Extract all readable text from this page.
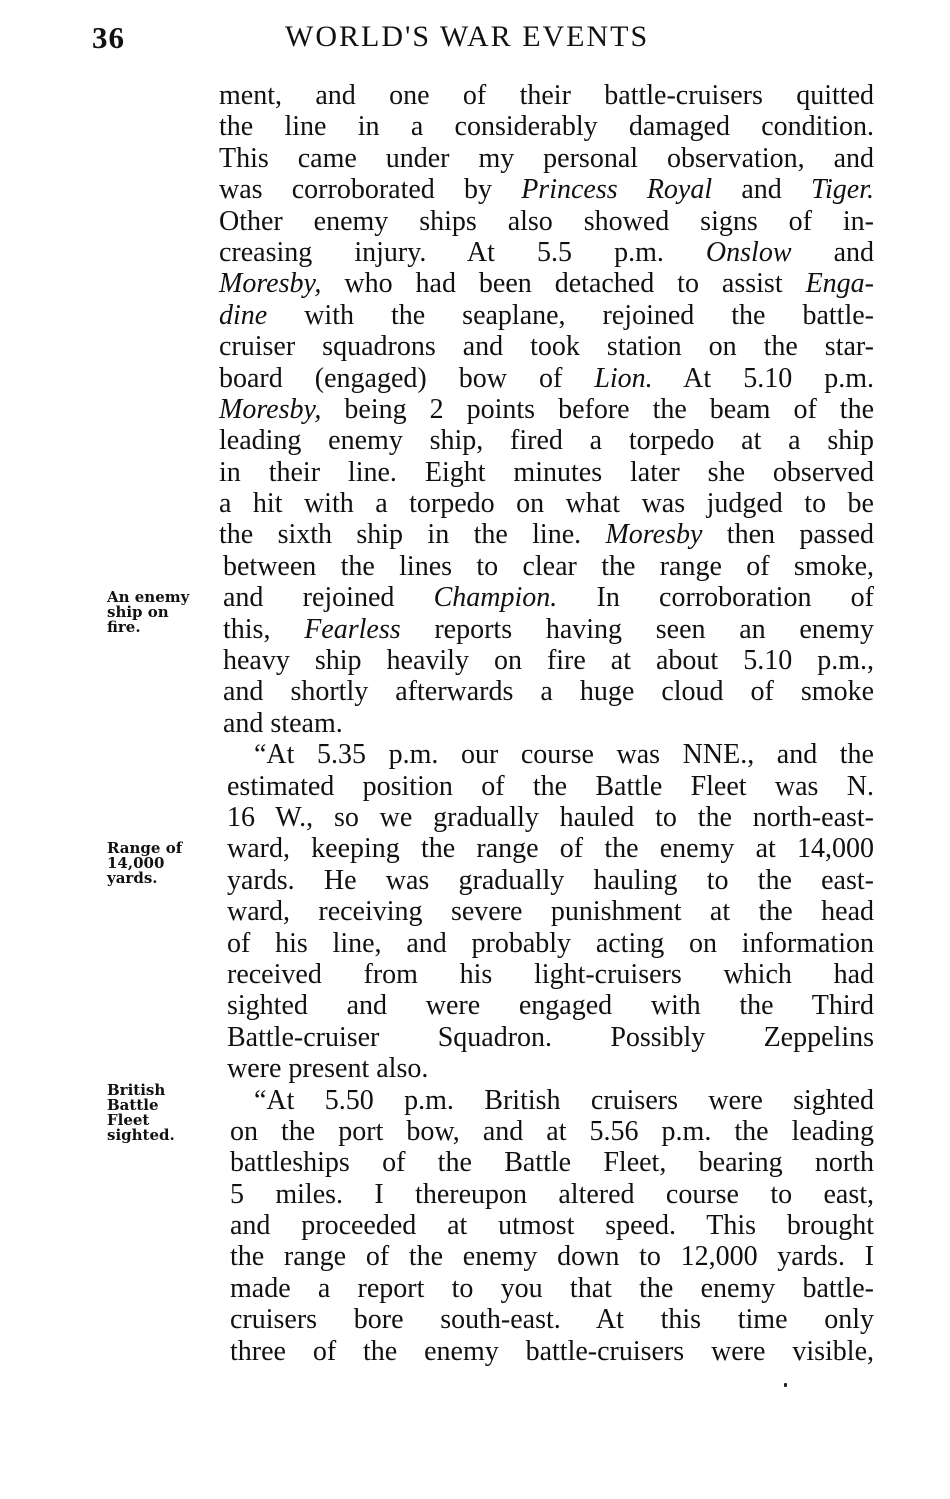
36	WORLD'S WAR EVENTS
An enemy
ship on
fire.
Range of
14,000
yards.
British
Battle
Fleet
sighted.
ment, and one of their battle-cruisers quitted
the line in a considerably damaged condition.
This came under my personal observation, and
was corroborated by Princess Royal and Tiger.
Other enemy ships also showed signs of in-
creasing injury. At 5.5 p.m. Onslow and
Moresby, who had been detached to assist Enga-
dine with the seaplane, rejoined the battle-
cruiser squadrons and took station on the star-
board (engaged) bow of Lion. At 5.10 p.m.
Moresby, being 2 points before the beam of the
leading enemy ship, fired a torpedo at a ship
in their line. Eight minutes later she observed
a hit with a torpedo on what was judged to be
the sixth ship in the line. Moresby then passed
between the lines to clear the range of smoke,
and rejoined Champion. In corroboration of
this, Fearless reports having seen an enemy
heavy ship heavily on fire at about 5.10 p.m.,
and shortly afterwards a huge cloud of smoke
and steam.
“At 5.35 p.m. our course was NNE., and the
estimated position of the Battle Fleet was N.
16 W., so we gradually hauled to the north-east-
ward, keeping the range of the enemy at 14,000
yards. He was gradually hauling to the east-
ward, receiving severe punishment at the head
of his line, and probably acting on information
received from his light-cruisers which had
sighted and were engaged with the Third
Battle-cruiser Squadron. Possibly Zeppelins
were present also.
“At 5.50 p.m. British cruisers were sighted
on the port bow, and at 5.56 p.m. the leading
battleships of the Battle Fleet, bearing north
5 miles. I thereupon altered course to east,
and proceeded at utmost speed. This brought
the range of the enemy down to 12,000 yards. I
made a report to you that the enemy battle-
cruisers bore south-east. At this time only
three of the enemy battle-cruisers were visible,
